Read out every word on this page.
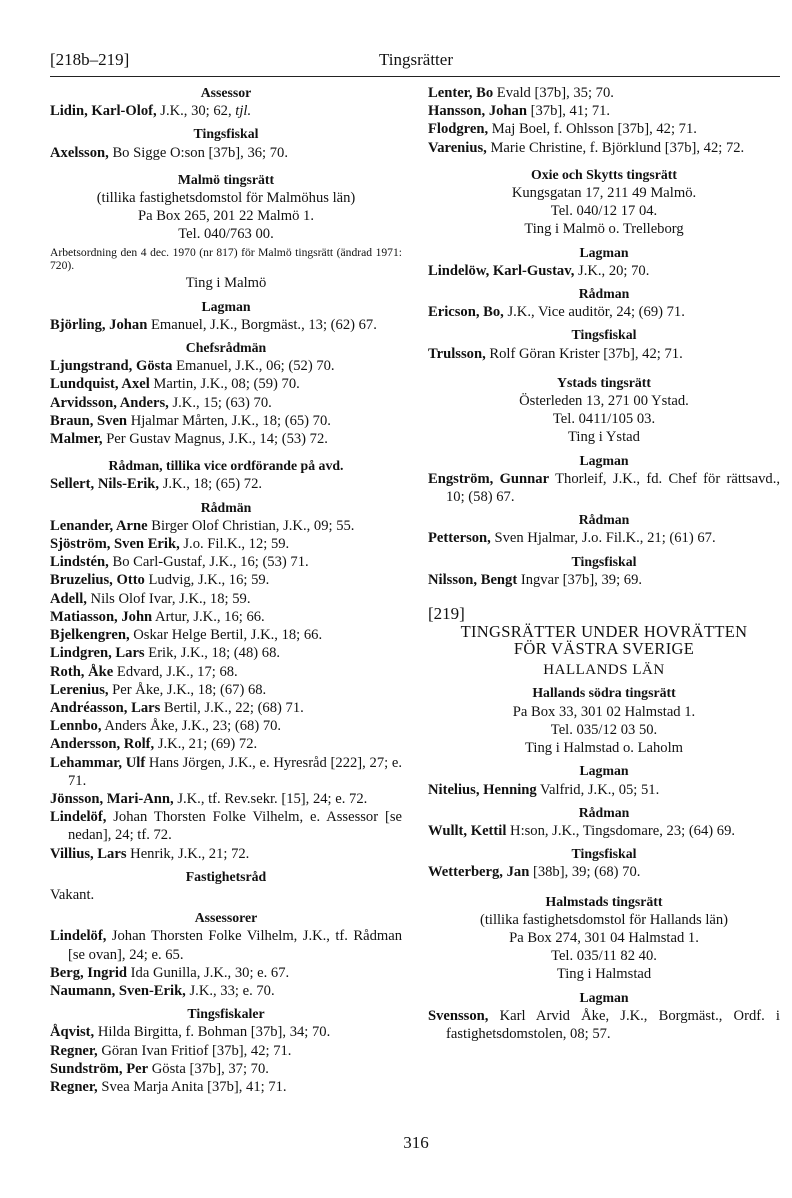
[218b–219]	Tingsrätter
Assessor
Lidin, Karl-Olof, J.K., 30; 62, tjl.
Tingsfiskal
Axelsson, Bo Sigge O:son [37b], 36; 70.
Malmö tingsrätt
(tillika fastighetsdomstol för Malmöhus län)
Pa Box 265, 201 22 Malmö 1.
Tel. 040/763 00.
Arbetsordning den 4 dec. 1970 (nr 817) för Malmö tingsrätt (ändrad 1971: 720).
Ting i Malmö
Lagman
Björling, Johan Emanuel, J.K., Borgmäst., 13; (62) 67.
Chefsrådmän
Ljungstrand, Gösta Emanuel, J.K., 06; (52) 70.
Lundquist, Axel Martin, J.K., 08; (59) 70.
Arvidsson, Anders, J.K., 15; (63) 70.
Braun, Sven Hjalmar Mårten, J.K., 18; (65) 70.
Malmer, Per Gustav Magnus, J.K., 14; (53) 72.
Rådman, tillika vice ordförande på avd.
Sellert, Nils-Erik, J.K., 18; (65) 72.
Rådmän
Lenander, Arne Birger Olof Christian, J.K., 09; 55.
Sjöström, Sven Erik, J.o. Fil.K., 12; 59.
Lindstén, Bo Carl-Gustaf, J.K., 16; (53) 71.
Bruzelius, Otto Ludvig, J.K., 16; 59.
Adell, Nils Olof Ivar, J.K., 18; 59.
Matiasson, John Artur, J.K., 16; 66.
Bjelkengren, Oskar Helge Bertil, J.K., 18; 66.
Lindgren, Lars Erik, J.K., 18; (48) 68.
Roth, Åke Edvard, J.K., 17; 68.
Lerenius, Per Åke, J.K., 18; (67) 68.
Andréasson, Lars Bertil, J.K., 22; (68) 71.
Lennbo, Anders Åke, J.K., 23; (68) 70.
Andersson, Rolf, J.K., 21; (69) 72.
Lehammar, Ulf Hans Jörgen, J.K., e. Hyresråd [222], 27; e. 71.
Jönsson, Mari-Ann, J.K., tf. Rev.sekr. [15], 24; e. 72.
Lindelöf, Johan Thorsten Folke Vilhelm, e. Assessor [se nedan], 24; tf. 72.
Villius, Lars Henrik, J.K., 21; 72.
Fastighetsråd
Vakant.
Assessorer
Lindelöf, Johan Thorsten Folke Vilhelm, J.K., tf. Rådman [se ovan], 24; e. 65.
Berg, Ingrid Ida Gunilla, J.K., 30; e. 67.
Naumann, Sven-Erik, J.K., 33; e. 70.
Tingsfiskaler
Åqvist, Hilda Birgitta, f. Bohman [37b], 34; 70.
Regner, Göran Ivan Fritiof [37b], 42; 71.
Sundström, Per Gösta [37b], 37; 70.
Regner, Svea Marja Anita [37b], 41; 71.
Lenter, Bo Evald [37b], 35; 70.
Hansson, Johan [37b], 41; 71.
Flodgren, Maj Boel, f. Ohlsson [37b], 42; 71.
Varenius, Marie Christine, f. Björklund [37b], 42; 72.
Oxie och Skytts tingsrätt
Kungsgatan 17, 211 49 Malmö.
Tel. 040/12 17 04.
Ting i Malmö o. Trelleborg
Lagman
Lindelöw, Karl-Gustav, J.K., 20; 70.
Rådman
Ericson, Bo, J.K., Vice auditör, 24; (69) 71.
Tingsfiskal
Trulsson, Rolf Göran Krister [37b], 42; 71.
Ystads tingsrätt
Österleden 13, 271 00 Ystad.
Tel. 0411/105 03.
Ting i Ystad
Lagman
Engström, Gunnar Thorleif, J.K., fd. Chef för rättsavd., 10; (58) 67.
Rådman
Petterson, Sven Hjalmar, J.o. Fil.K., 21; (61) 67.
Tingsfiskal
Nilsson, Bengt Ingvar [37b], 39; 69.
[219]
TINGSRÄTTER UNDER HOVRÄTTEN
FÖR VÄSTRA SVERIGE
HALLANDS LÄN
Hallands södra tingsrätt
Pa Box 33, 301 02 Halmstad 1.
Tel. 035/12 03 50.
Ting i Halmstad o. Laholm
Lagman
Nitelius, Henning Valfrid, J.K., 05; 51.
Rådman
Wullt, Kettil H:son, J.K., Tingsdomare, 23; (64) 69.
Tingsfiskal
Wetterberg, Jan [38b], 39; (68) 70.
Halmstads tingsrätt
(tillika fastighetsdomstol för Hallands län)
Pa Box 274, 301 04 Halmstad 1.
Tel. 035/11 82 40.
Ting i Halmstad
Lagman
Svensson, Karl Arvid Åke, J.K., Borgmäst., Ordf. i fastighetsdomstolen, 08; 57.
316
